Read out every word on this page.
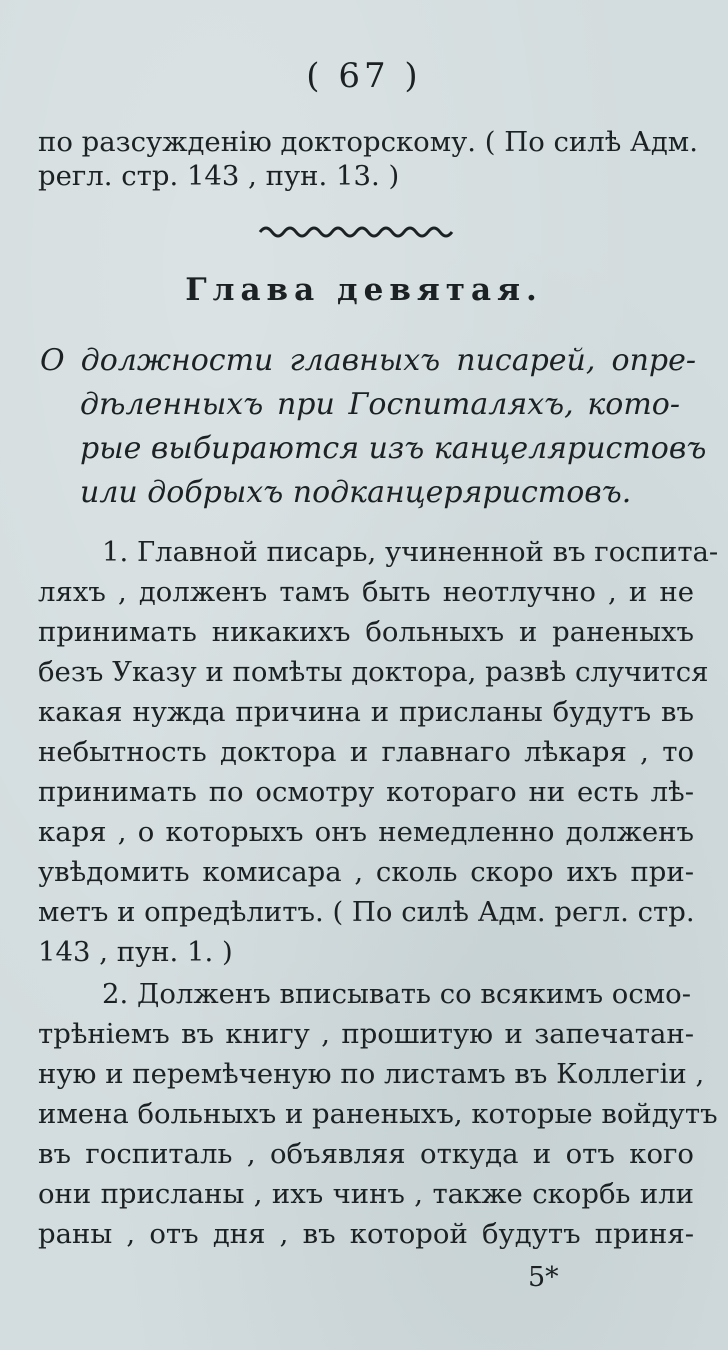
( 67 )
по разсужденію докторскому. ( По силѣ Адм.
регл. стр. 143 , пун. 13. )
Глава девятая.
О должности главныхъ писарей, опре-
дѣленныхъ при Госпиталяхъ, кото-
рые выбираются изъ канцеляристовъ
или добрыхъ подканцеряристовъ.
1. Главной писарь, учиненной въ госпита-
ляхъ , долженъ тамъ быть неотлучно , и не
принимать никакихъ больныхъ и раненыхъ
безъ Указу и помѣты доктора, развѣ случится
какая нужда причина и присланы будутъ въ
небытность доктора и главнаго лѣкаря , то
принимать по осмотру котораго ни есть лѣ-
каря , о которыхъ онъ немедленно долженъ
увѣдомить комисара , сколь скоро ихъ при-
метъ и опредѣлитъ. ( По силѣ Адм. регл. стр.
143 , пун. 1. )
2. Долженъ вписывать со всякимъ осмо-
трѣніемъ въ книгу , прошитую и запечатан-
ную и перемѣченую по листамъ въ Коллегіи ,
имена больныхъ и раненыхъ, которые войдутъ
въ госпиталь , объявляя откуда и отъ кого
они присланы , ихъ чинъ , также скорбь или
раны , отъ дня , въ которой будутъ приня-
5*
